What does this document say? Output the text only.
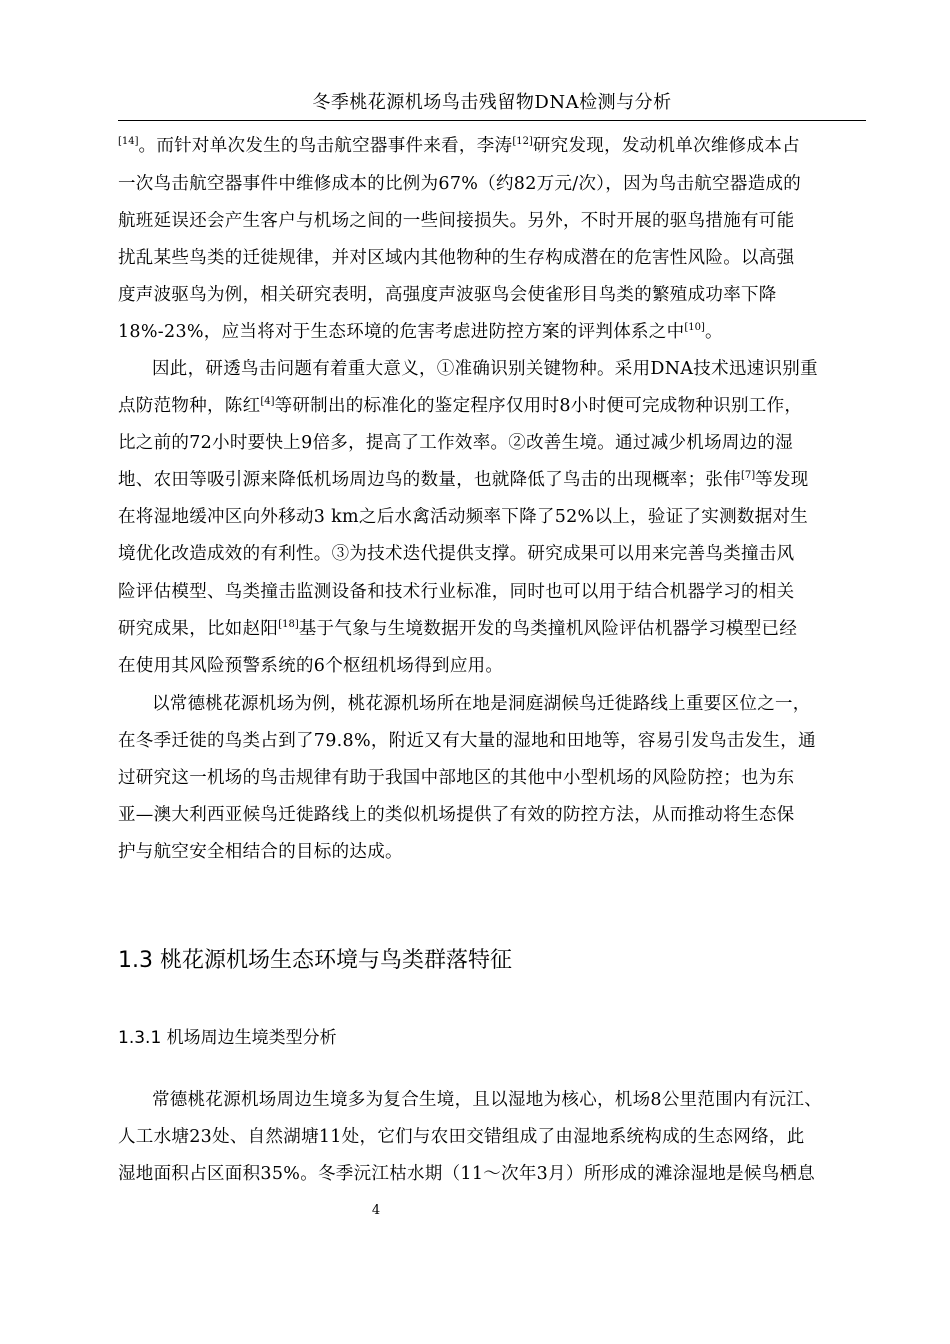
冬季桃花源机场鸟击残留物DNA检测与分析
[14]。而针对单次发生的鸟击航空器事件来看，李涛[12]研究发现，发动机单次维修成本占
一次鸟击航空器事件中维修成本的比例为67%（约82万元/次），因为鸟击航空器造成的
航班延误还会产生客户与机场之间的一些间接损失。另外，不时开展的驱鸟措施有可能
扰乱某些鸟类的迁徙规律，并对区域内其他物种的生存构成潜在的危害性风险。以高强
度声波驱鸟为例，相关研究表明，高强度声波驱鸟会使雀形目鸟类的繁殖成功率下降
18%-23%，应当将对于生态环境的危害考虑进防控方案的评判体系之中[10]。
因此，研透鸟击问题有着重大意义，①准确识别关键物种。采用DNA技术迅速识别重
点防范物种，陈红[4]等研制出的标准化的鉴定程序仅用时8小时便可完成物种识别工作，
比之前的72小时要快上9倍多，提高了工作效率。②改善生境。通过减少机场周边的湿
地、农田等吸引源来降低机场周边鸟的数量，也就降低了鸟击的出现概率；张伟[7]等发现
在将湿地缓冲区向外移动3 km之后水禽活动频率下降了52%以上，验证了实测数据对生
境优化改造成效的有利性。③为技术迭代提供支撑。研究成果可以用来完善鸟类撞击风
险评估模型、鸟类撞击监测设备和技术行业标准，同时也可以用于结合机器学习的相关
研究成果，比如赵阳[18]基于气象与生境数据开发的鸟类撞机风险评估机器学习模型已经
在使用其风险预警系统的6个枢纽机场得到应用。
以常德桃花源机场为例，桃花源机场所在地是洞庭湖候鸟迁徙路线上重要区位之一，
在冬季迁徙的鸟类占到了79.8%，附近又有大量的湿地和田地等，容易引发鸟击发生，通
过研究这一机场的鸟击规律有助于我国中部地区的其他中小型机场的风险防控；也为东
亚—澳大利西亚候鸟迁徙路线上的类似机场提供了有效的防控方法，从而推动将生态保
护与航空安全相结合的目标的达成。
1.3 桃花源机场生态环境与鸟类群落特征
1.3.1 机场周边生境类型分析
常德桃花源机场周边生境多为复合生境，且以湿地为核心，机场8公里范围内有沅江、
人工水塘23处、自然湖塘11处，它们与农田交错组成了由湿地系统构成的生态网络，此
湿地面积占区面积35%。冬季沅江枯水期（11～次年3月）所形成的滩涂湿地是候鸟栖息
4
